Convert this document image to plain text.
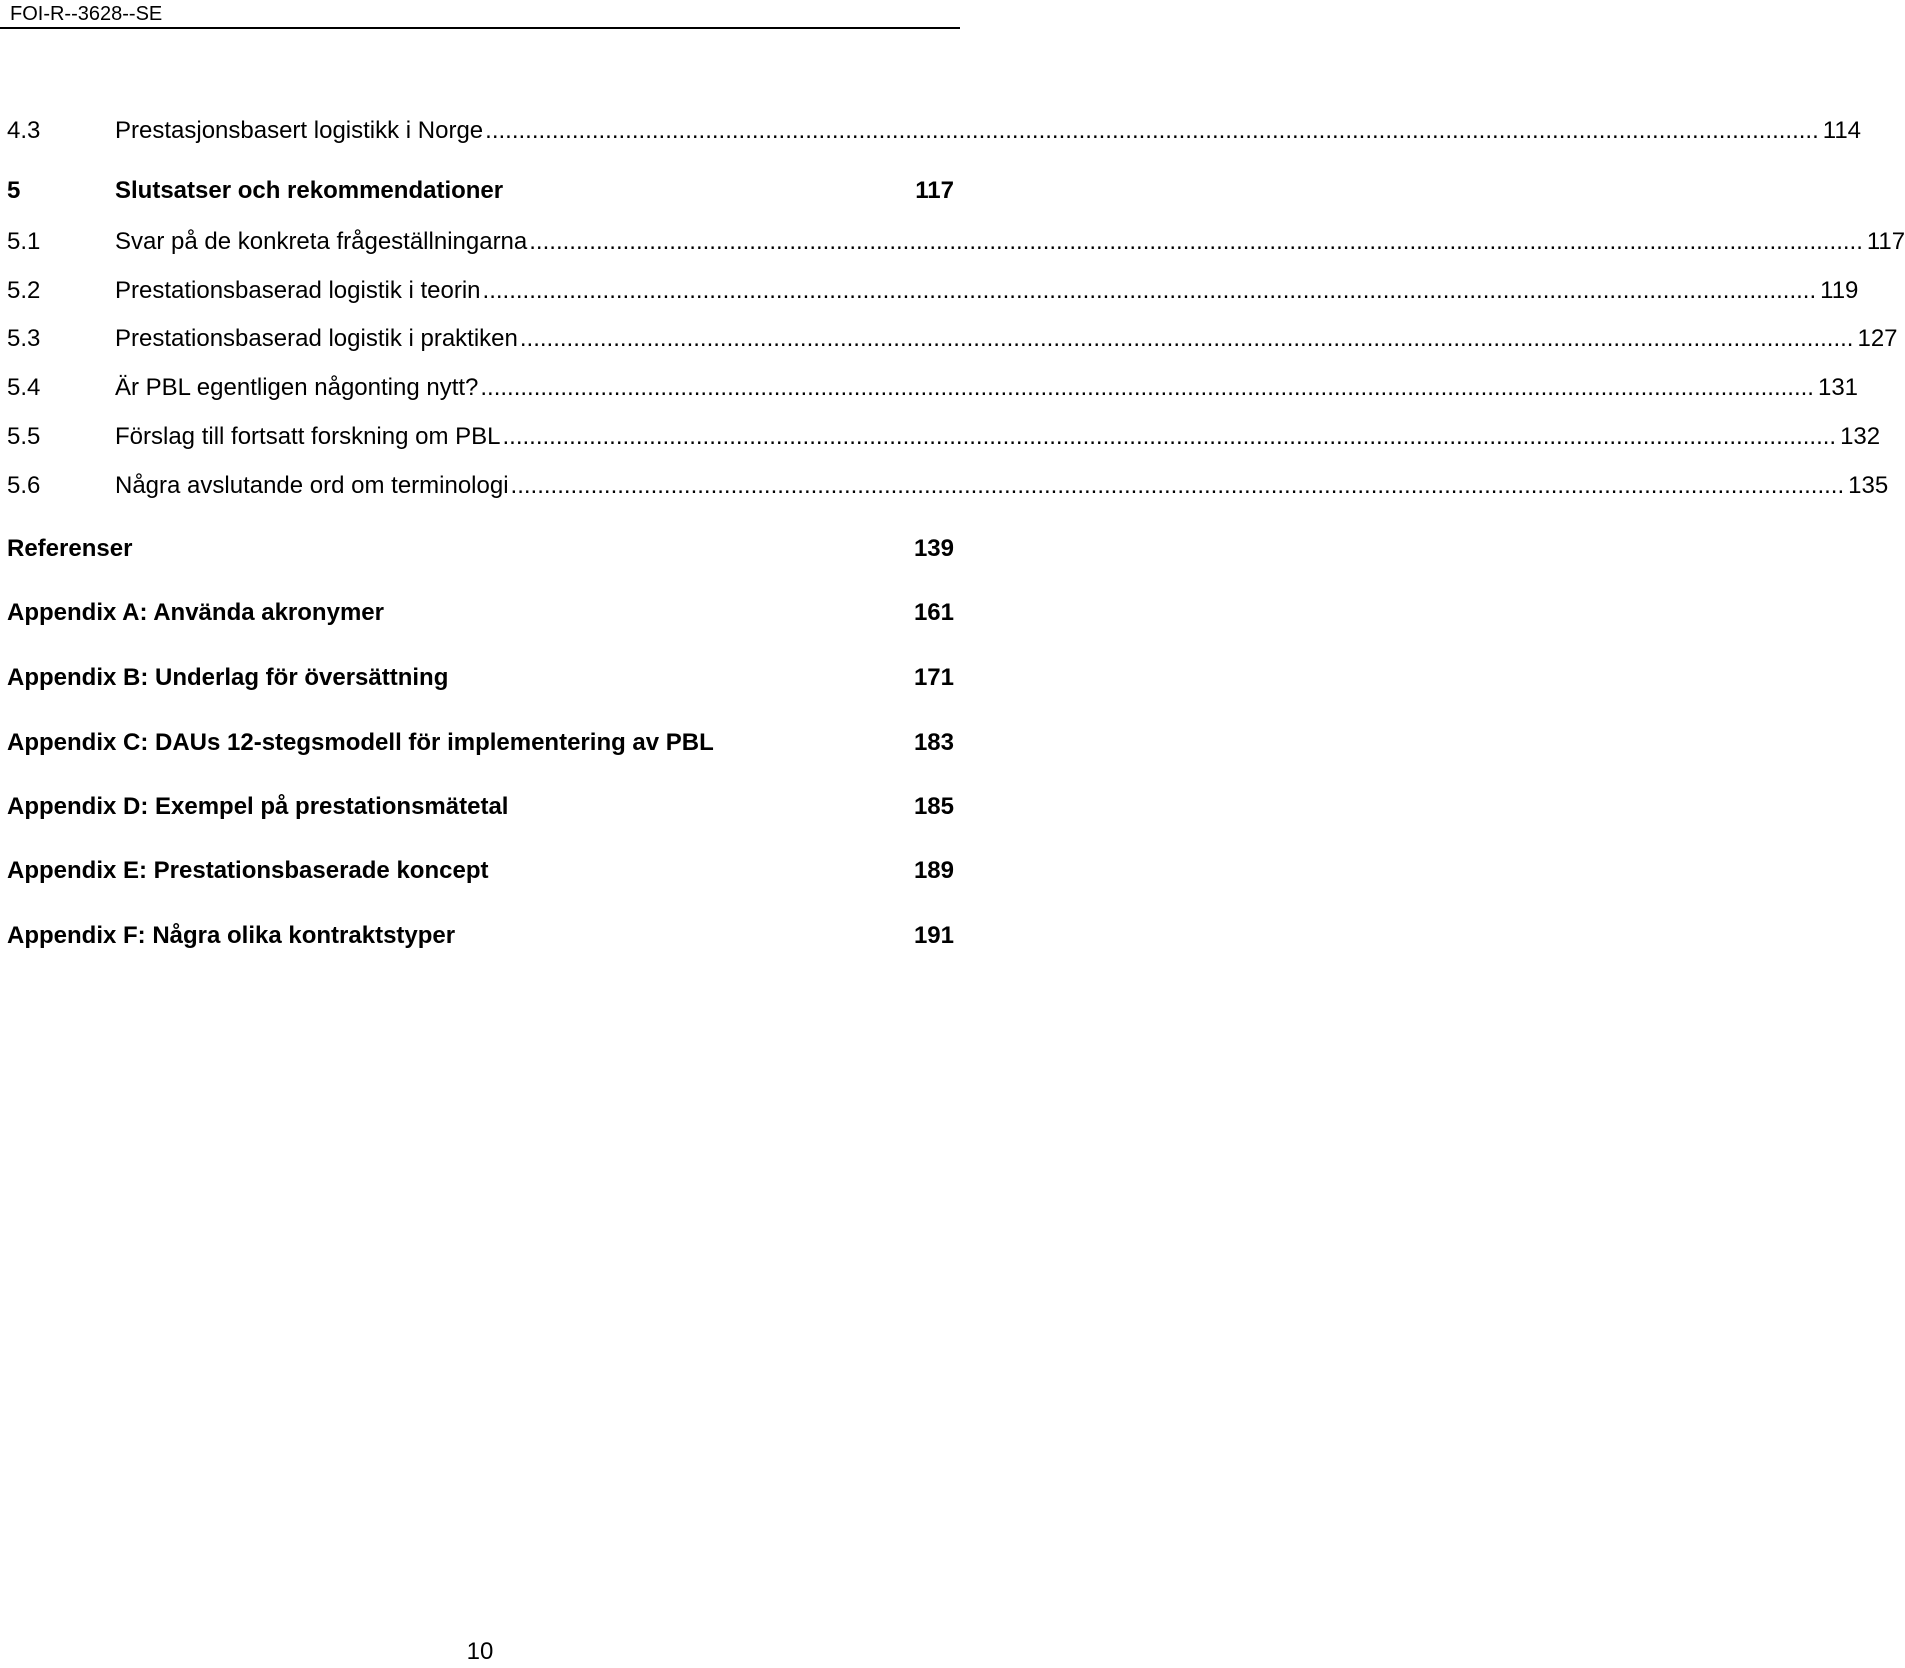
FOI-R--3628--SE
4.3	Prestasjonsbasert logistikk i Norge ........................................................................................................................................................................................................ 114
5	Slutsatser och rekommendationer	117
5.1	Svar på de konkreta frågeställningarna ........................................................................................................................................................................................................ 117
5.2	Prestationsbaserad logistik i teorin ........................................................................................................................................................................................................ 119
5.3	Prestationsbaserad logistik i praktiken ........................................................................................................................................................................................................ 127
5.4	Är PBL egentligen någonting nytt? ........................................................................................................................................................................................................ 131
5.5	Förslag till fortsatt forskning om PBL ........................................................................................................................................................................................................ 132
5.6	Några avslutande ord om terminologi ........................................................................................................................................................................................................ 135
Referenser	139
Appendix A: Använda akronymer	161
Appendix B: Underlag för översättning	171
Appendix C: DAUs 12-stegsmodell för implementering av PBL	183
Appendix D: Exempel på prestationsmätetal	185
Appendix E: Prestationsbaserade koncept	189
Appendix F: Några olika kontraktstyper	191
10
